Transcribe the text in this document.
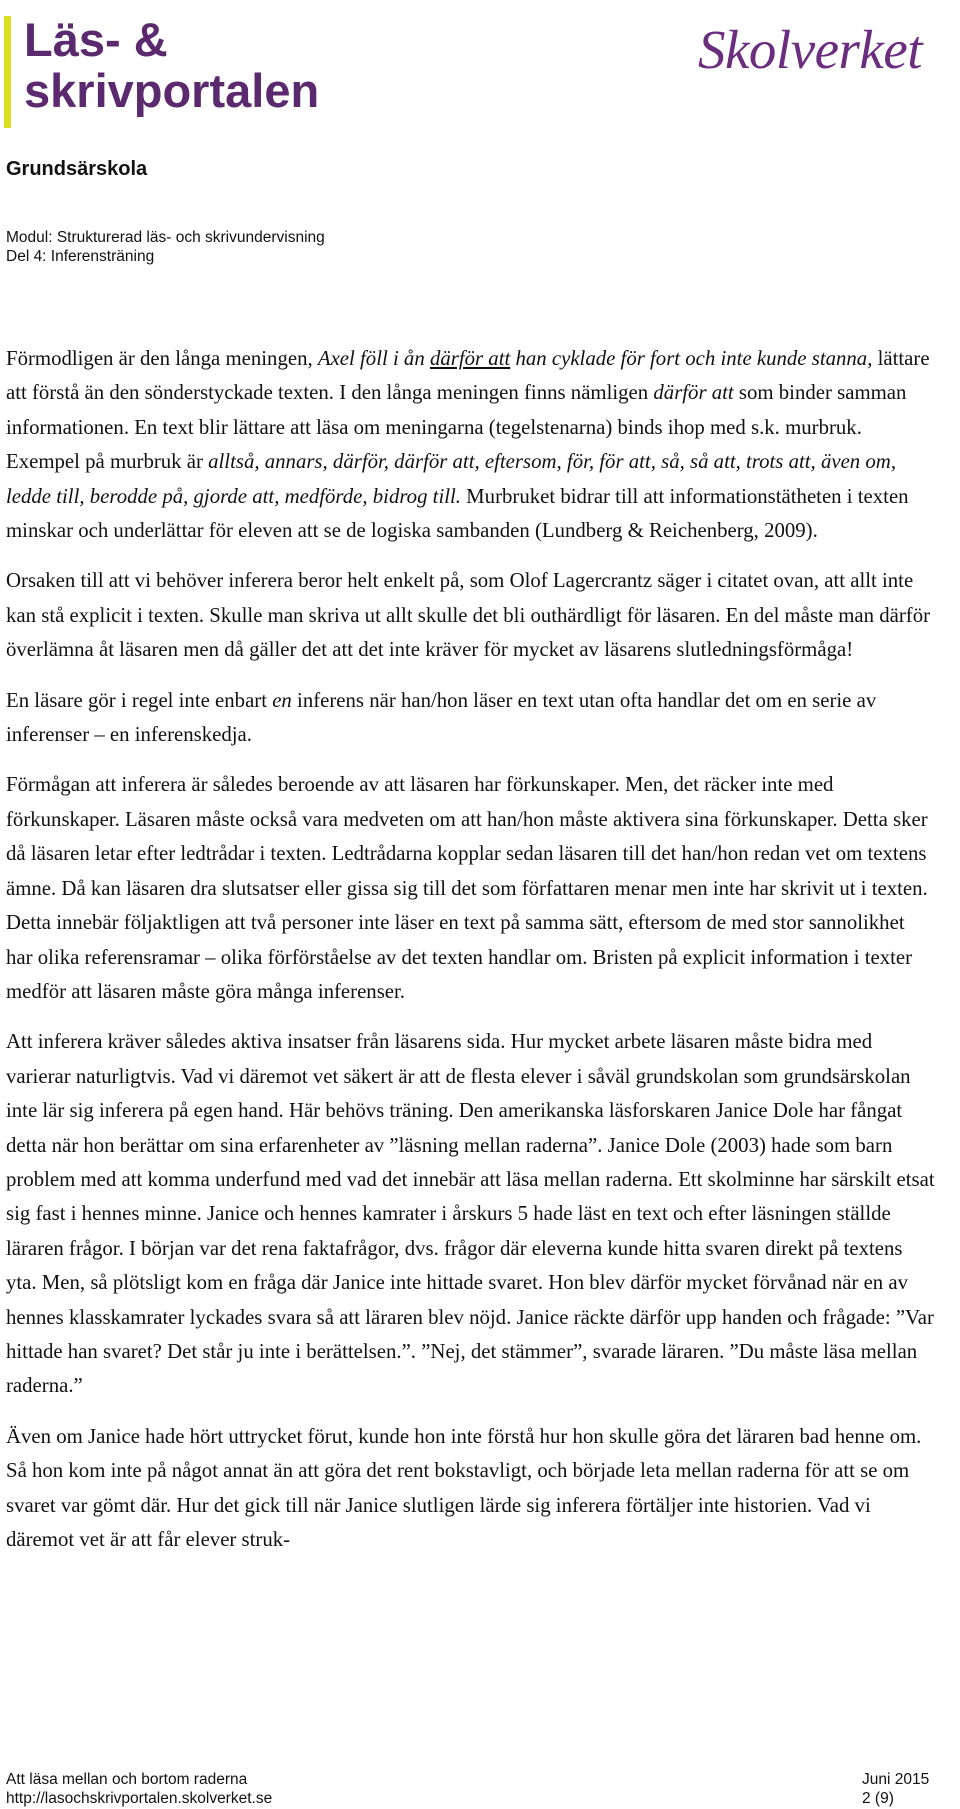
Läs- &
skrivportalen
Skolverket
Grundsärskola
Modul: Strukturerad läs- och skrivundervisning
Del 4: Inferensträning

Förmodligen är den långa meningen, Axel föll i ån därför att han cyklade för fort och inte kunde stanna, lättare att förstå än den sönderstyckade texten. I den långa meningen finns nämligen därför att som binder samman informationen. En text blir lättare att läsa om meningarna (tegelstenarna) binds ihop med s.k. murbruk. Exempel på murbruk är alltså, annars, därför, därför att, eftersom, för, för att, så, så att, trots att, även om, ledde till, berodde på, gjorde att, medförde, bidrog till. Murbruket bidrar till att informationstätheten i texten minskar och underlättar för eleven att se de logiska sambanden (Lundberg & Reichenberg, 2009).

Orsaken till att vi behöver inferera beror helt enkelt på, som Olof Lagercrantz säger i citatet ovan, att allt inte kan stå explicit i texten. Skulle man skriva ut allt skulle det bli outhärdligt för läsaren. En del måste man därför överlämna åt läsaren men då gäller det att det inte kräver för mycket av läsarens slutledningsförmåga!

En läsare gör i regel inte enbart en inferens när han/hon läser en text utan ofta handlar det om en serie av inferenser – en inferenskedja.

Förmågan att inferera är således beroende av att läsaren har förkunskaper. Men, det räcker inte med förkunskaper. Läsaren måste också vara medveten om att han/hon måste aktivera sina förkunskaper. Detta sker då läsaren letar efter ledtrådar i texten. Ledtrådarna kopplar sedan läsaren till det han/hon redan vet om textens ämne. Då kan läsaren dra slutsatser eller gissa sig till det som författaren menar men inte har skrivit ut i texten. Detta innebär följaktligen att två personer inte läser en text på samma sätt, eftersom de med stor sannolikhet har olika referensramar – olika förförståelse av det texten handlar om. Bristen på explicit information i texter medför att läsaren måste göra många inferenser.

Att inferera kräver således aktiva insatser från läsarens sida. Hur mycket arbete läsaren måste bidra med varierar naturligtvis. Vad vi däremot vet säkert är att de flesta elever i såväl grundskolan som grundsärskolan inte lär sig inferera på egen hand. Här behövs träning. Den amerikanska läsforskaren Janice Dole har fångat detta när hon berättar om sina erfarenheter av ”läsning mellan raderna”. Janice Dole (2003) hade som barn problem med att komma underfund med vad det innebär att läsa mellan raderna. Ett skolminne har särskilt etsat sig fast i hennes minne. Janice och hennes kamrater i årskurs 5 hade läst en text och efter läsningen ställde läraren frågor. I början var det rena faktafrågor, dvs. frågor där eleverna kunde hitta svaren direkt på textens yta. Men, så plötsligt kom en fråga där Janice inte hittade svaret. Hon blev därför mycket förvånad när en av hennes klasskamrater lyckades svara så att läraren blev nöjd. Janice räckte därför upp handen och frågade: ”Var hittade han svaret? Det står ju inte i berättelsen.”. ”Nej, det stämmer”, svarade läraren. ”Du måste läsa mellan raderna.”

Även om Janice hade hört uttrycket förut, kunde hon inte förstå hur hon skulle göra det läraren bad henne om. Så hon kom inte på något annat än att göra det rent bokstavligt, och började leta mellan raderna för att se om svaret var gömt där. Hur det gick till när Janice slutligen lärde sig inferera förtäljer inte historien. Vad vi däremot vet är att får elever struk-

Att läsa mellan och bortom raderna	Juni 2015
http://lasochskrivportalen.skolverket.se	2 (9)
